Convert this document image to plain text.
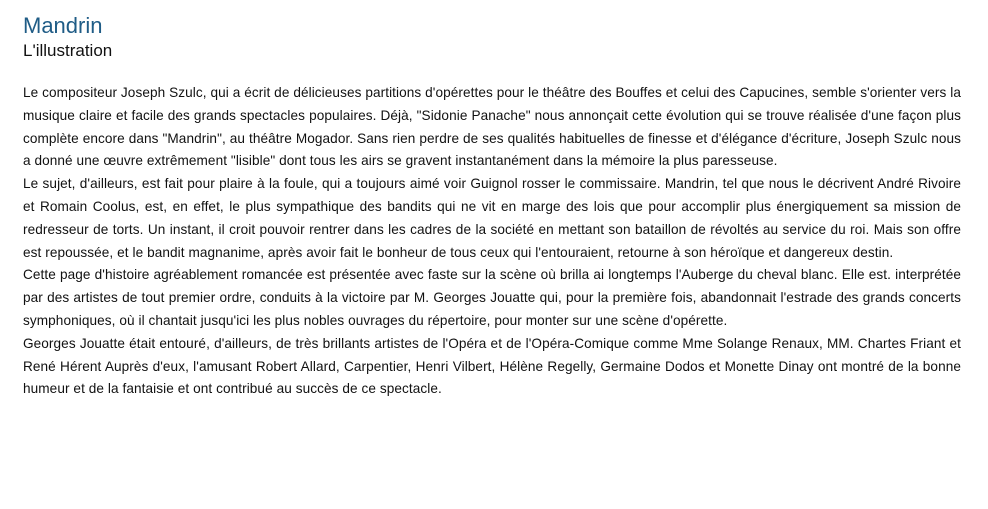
Mandrin
L'illustration

Le compositeur Joseph Szulc, qui a écrit de délicieuses partitions d'opérettes pour le théâtre des Bouffes et celui des Capucines, semble s'orienter vers la musique claire et facile des grands spectacles populaires. Déjà, "Sidonie Panache" nous annonçait cette évolution qui se trouve réalisée d'une façon plus complète encore dans "Mandrin", au théâtre Mogador. Sans rien perdre de ses qualités habituelles de finesse et d'élégance d'écriture, Joseph Szulc nous a donné une œuvre extrêmement "lisible" dont tous les airs se gravent instantanément dans la mémoire la plus paresseuse.

Le sujet, d'ailleurs, est fait pour plaire à la foule, qui a toujours aimé voir Guignol rosser le commissaire. Mandrin, tel que nous le décrivent André Rivoire et Romain Coolus, est, en effet, le plus sympathique des bandits qui ne vit en marge des lois que pour accomplir plus énergiquement sa mission de redresseur de torts. Un instant, il croit pouvoir rentrer dans les cadres de la société en mettant son bataillon de révoltés au service du roi. Mais son offre est repoussée, et le bandit magnanime, après avoir fait le bonheur de tous ceux qui l'entouraient, retourne à son héroïque et dangereux destin.

Cette page d'histoire agréablement romancée est présentée avec faste sur la scène où brilla ai longtemps l'Auberge du cheval blanc. Elle est. interprétée par des artistes de tout premier ordre, conduits à la victoire par M. Georges Jouatte qui, pour la première fois, abandonnait l'estrade des grands concerts symphoniques, où il chantait jusqu'ici les plus nobles ouvrages du répertoire, pour monter sur une scène d'opérette.

Georges Jouatte était entouré, d'ailleurs, de très brillants artistes de l'Opéra et de l'Opéra-Comique comme Mme Solange Renaux, MM. Chartes Friant et René Hérent Auprès d'eux, l'amusant Robert Allard, Carpentier, Henri Vilbert, Hélène Regelly, Germaine Dodos et Monette Dinay ont montré de la bonne humeur et de la fantaisie et ont contribué au succès de ce spectacle.
